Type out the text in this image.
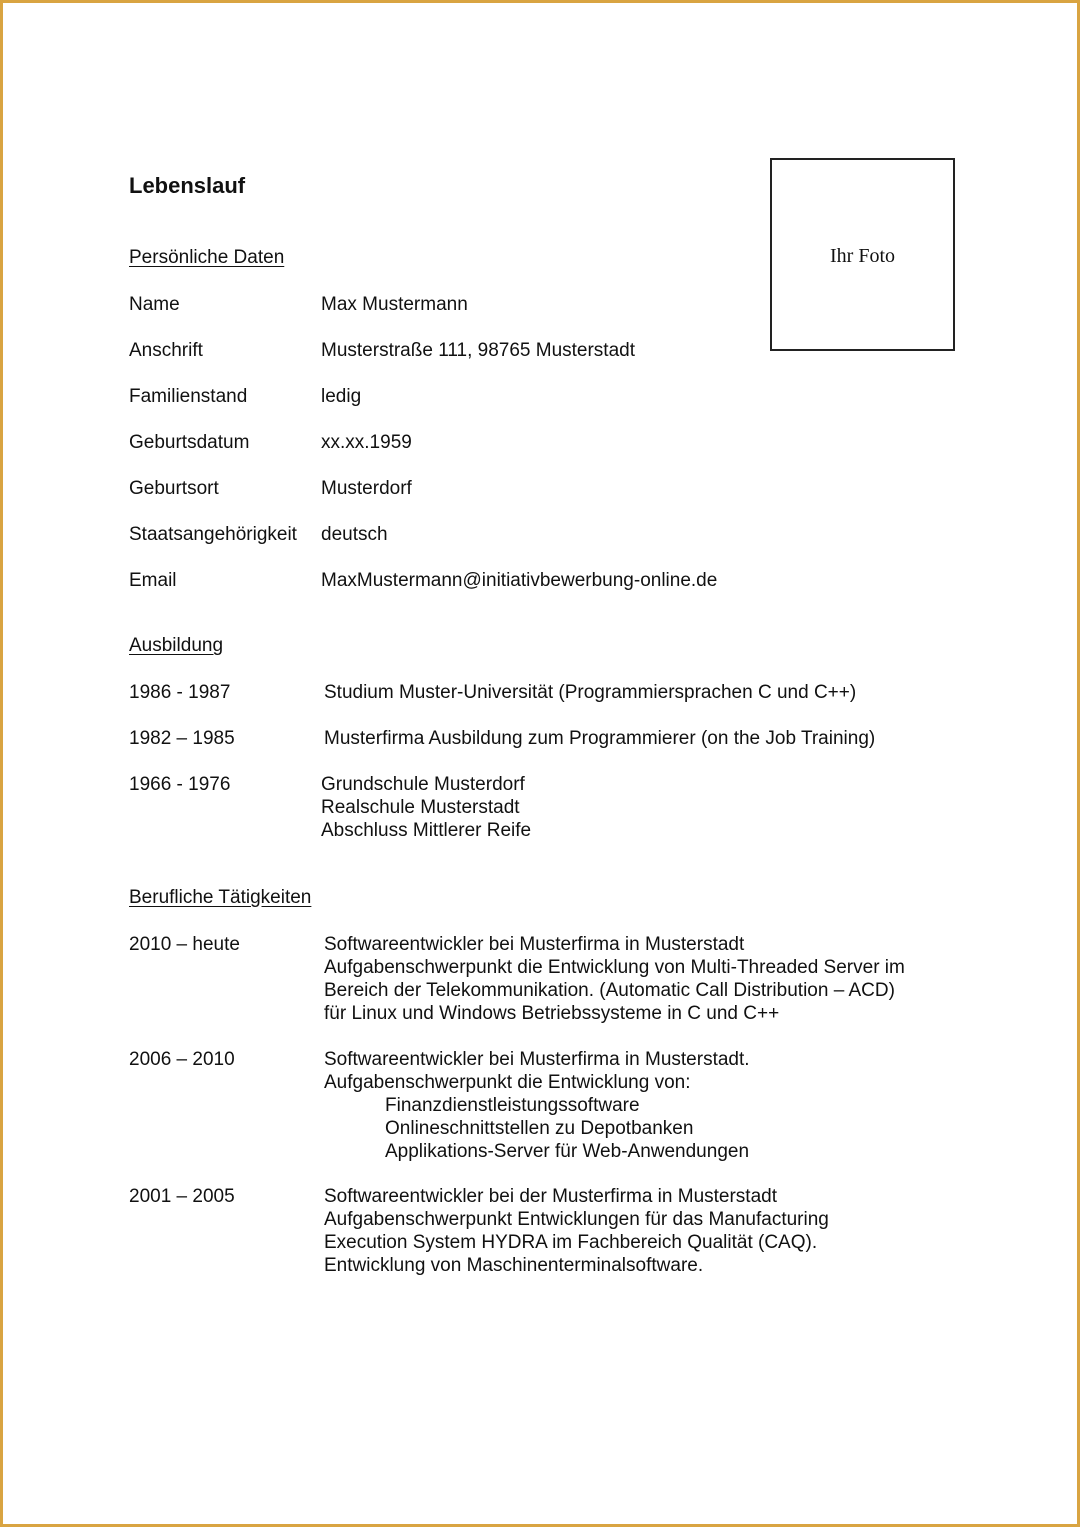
Lebenslauf
Ihr Foto
Persönliche Daten
Name	Max Mustermann
Anschrift	Musterstraße 111, 98765 Musterstadt
Familienstand	ledig
Geburtsdatum	xx.xx.1959
Geburtsort	Musterdorf
Staatsangehörigkeit deutsch
Email	MaxMustermann@initiativbewerbung-online.de
Ausbildung
1986 - 1987	Studium Muster-Universität (Programmiersprachen C und C++)
1982 – 1985	Musterfirma Ausbildung zum Programmierer (on the Job Training)
1966 - 1976	Grundschule Musterdorf
Realschule Musterstadt
Abschluss Mittlerer Reife
Berufliche Tätigkeiten
2010 – heute	Softwareentwickler bei Musterfirma in Musterstadt
Aufgabenschwerpunkt die Entwicklung von Multi-Threaded Server im
Bereich der Telekommunikation. (Automatic Call Distribution – ACD)
für Linux und Windows Betriebssysteme in C und C++
2006 – 2010	Softwareentwickler bei Musterfirma in Musterstadt.
Aufgabenschwerpunkt die Entwicklung von:
Finanzdienstleistungssoftware
Onlineschnittstellen zu Depotbanken
Applikations-Server für Web-Anwendungen
2001 – 2005	Softwareentwickler bei der Musterfirma in Musterstadt
Aufgabenschwerpunkt Entwicklungen für das Manufacturing
Execution System HYDRA im Fachbereich Qualität (CAQ).
Entwicklung von Maschinenterminalsoftware.
